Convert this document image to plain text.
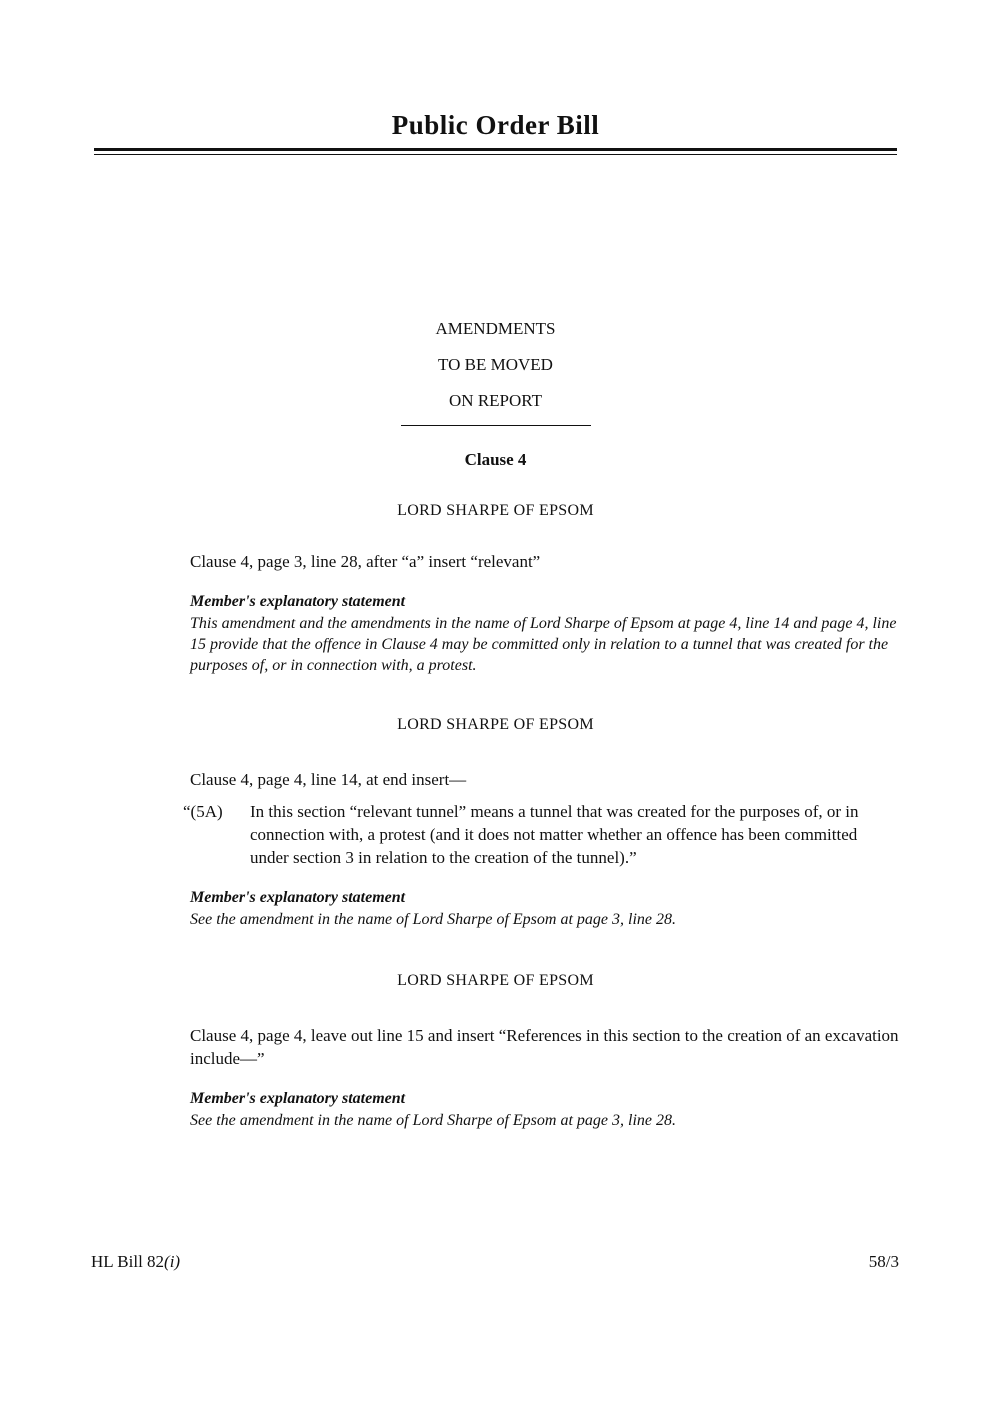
Public Order Bill
AMENDMENTS
TO BE MOVED
ON REPORT
Clause 4
LORD SHARPE OF EPSOM
Clause 4, page 3, line 28, after “a” insert “relevant”
Member's explanatory statement
This amendment and the amendments in the name of Lord Sharpe of Epsom at page 4, line 14 and page 4, line 15 provide that the offence in Clause 4 may be committed only in relation to a tunnel that was created for the purposes of, or in connection with, a protest.
LORD SHARPE OF EPSOM
Clause 4, page 4, line 14, at end insert—
“(5A)	In this section “relevant tunnel” means a tunnel that was created for the purposes of, or in connection with, a protest (and it does not matter whether an offence has been committed under section 3 in relation to the creation of the tunnel).”
Member's explanatory statement
See the amendment in the name of Lord Sharpe of Epsom at page 3, line 28.
LORD SHARPE OF EPSOM
Clause 4, page 4, leave out line 15 and insert “References in this section to the creation of an excavation include—”
Member's explanatory statement
See the amendment in the name of Lord Sharpe of Epsom at page 3, line 28.
HL Bill 82(i)	58/3
